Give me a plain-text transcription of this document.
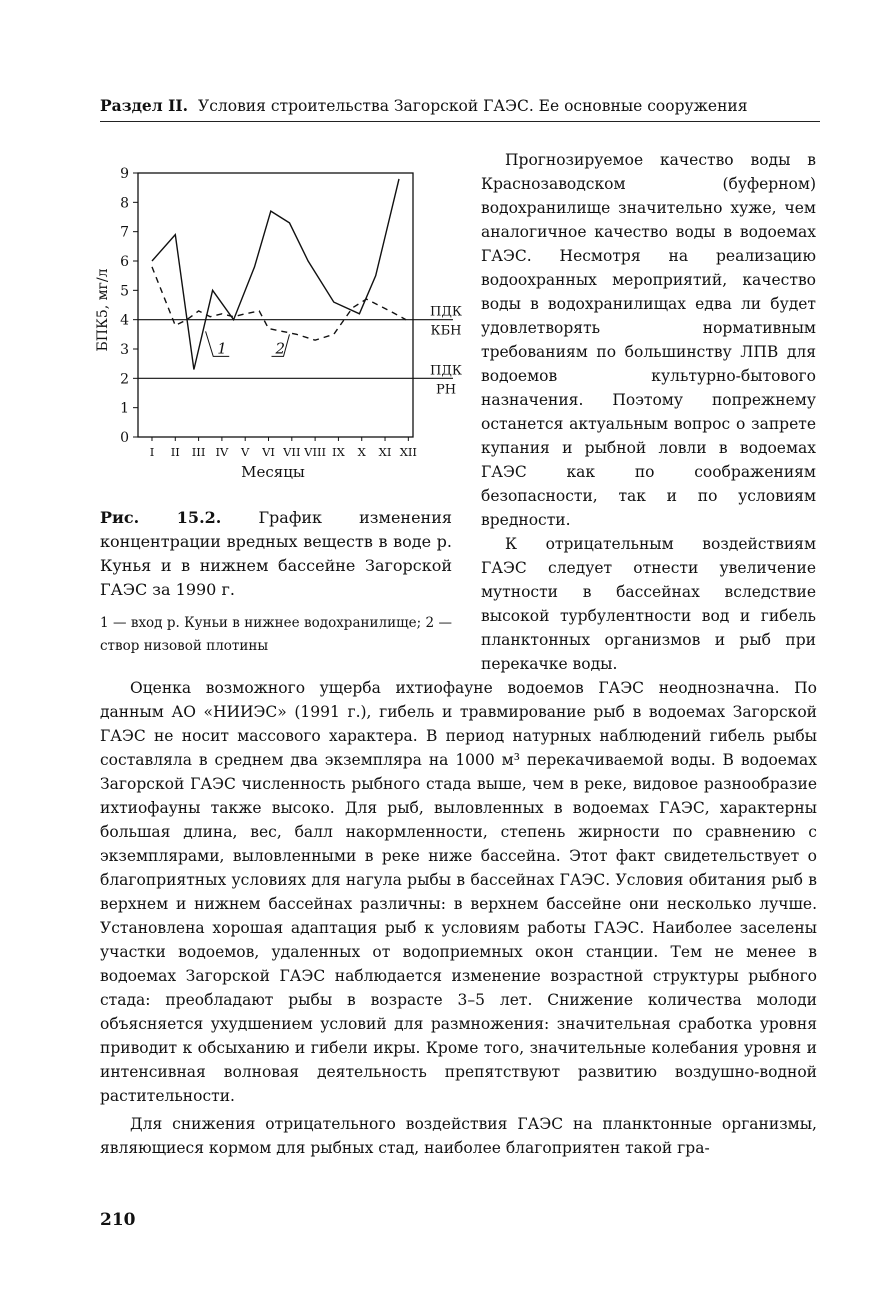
Раздел II. Условия строительства Загорской ГАЭС. Ее основные сооружения
0
1
2
3
4
5
6
7
8
9
I II III IV V VI VII VIII IX X XI XII
ПДК
КБН
ПДК
РН
1	2
Месяцы
БПК5, мг/л
Рис. 15.2. График изменения концентрации вредных веществ в воде р. Кунья и в нижнем бассейне Загорской ГАЭС за 1990 г.
1 — вход р. Куньи в нижнее водохранилище; 2 — створ низовой плотины

Прогнозируемое качество воды в Краснозаводском (буферном) водохранилище значительно хуже, чем аналогичное качество воды в водоемах ГАЭС. Несмотря на реализацию водоохранных мероприятий, качество воды в водохранилищах едва ли будет удовлетворять нормативным требованиям по большинству ЛПВ для водоемов культурно-бытового назначения. Поэтому попрежнему останется актуальным вопрос о запрете купания и рыбной ловли в водоемах ГАЭС как по соображениям безопасности, так и по условиям вредности.

К отрицательным воздействиям ГАЭС следует отнести увеличение мутности в бассейнах вследствие высокой турбулентности вод и гибель планктонных организмов и рыб при перекачке воды.

Оценка возможного ущерба ихтиофауне водоемов ГАЭС неоднозначна. По данным АО «НИИЭС» (1991 г.), гибель и травмирование рыб в водоемах Загорской ГАЭС не носит массового характера. В период натурных наблюдений гибель рыбы составляла в среднем два экземпляра на 1000 м³ перекачиваемой воды. В водоемах Загорской ГАЭС численность рыбного стада выше, чем в реке, видовое разнообразие ихтиофауны также высоко. Для рыб, выловленных в водоемах ГАЭС, характерны большая длина, вес, балл накормленности, степень жирности по сравнению с экземплярами, выловленными в реке ниже бассейна. Этот факт свидетельствует о благоприятных условиях для нагула рыбы в бассейнах ГАЭС. Условия обитания рыб в верхнем и нижнем бассейнах различны: в верхнем бассейне они несколько лучше. Установлена хорошая адаптация рыб к условиям работы ГАЭС. Наиболее заселены участки водоемов, удаленных от водоприемных окон станции. Тем не менее в водоемах Загорской ГАЭС наблюдается изменение возрастной структуры рыбного стада: преобладают рыбы в возрасте 3–5 лет. Снижение количества молоди объясняется ухудшением условий для размножения: значительная сработка уровня приводит к обсыханию и гибели икры. Кроме того, значительные колебания уровня и интенсивная волновая деятельность препятствуют развитию воздушно-водной растительности.

Для снижения отрицательного воздействия ГАЭС на планктонные организмы, являющиеся кормом для рыбных стад, наиболее благоприятен такой гра-

210
